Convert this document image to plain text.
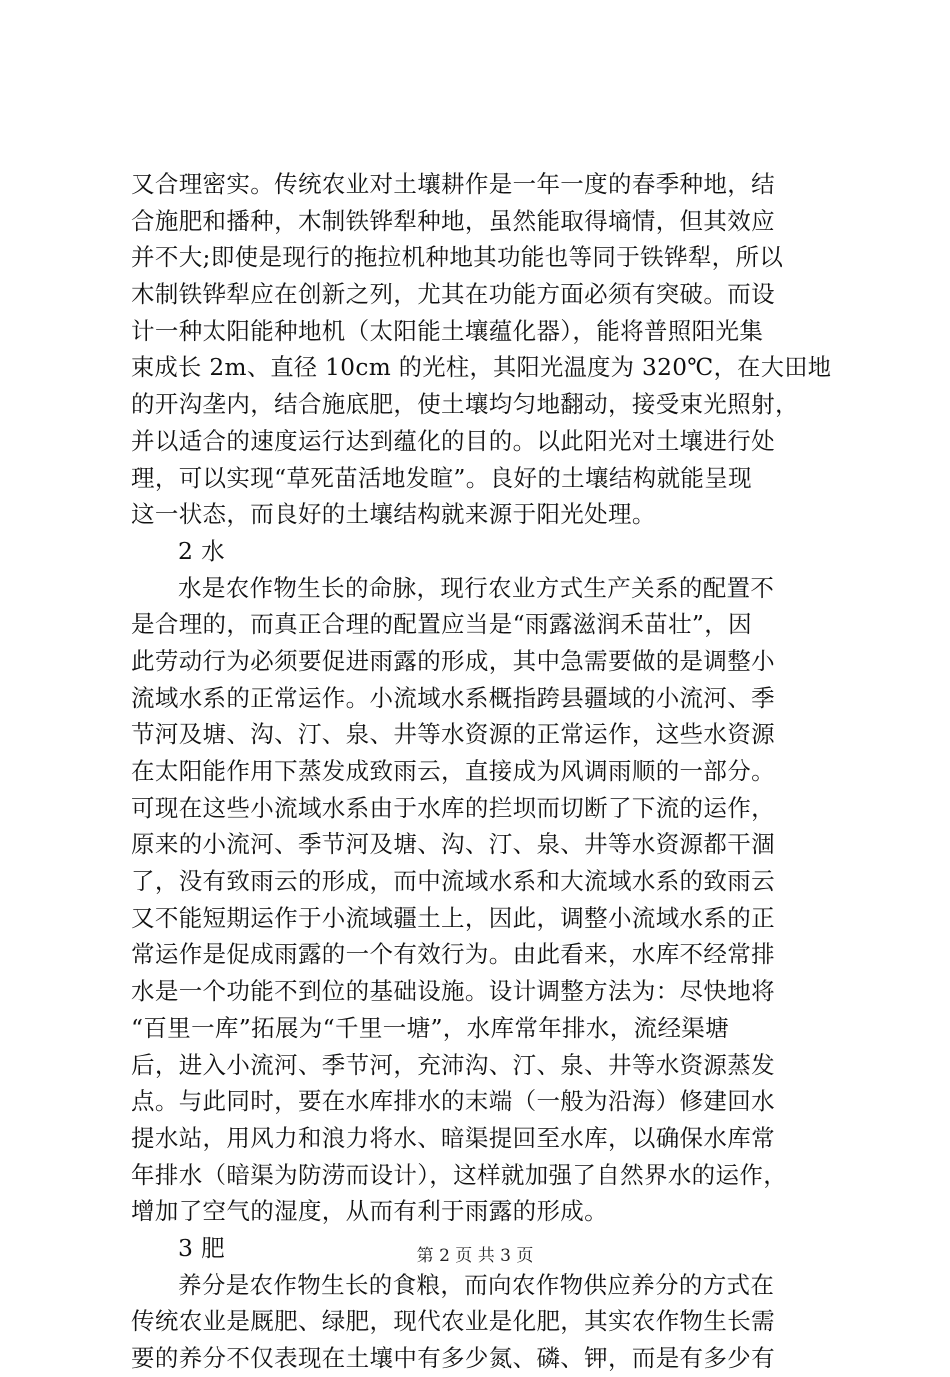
又合理密实。传统农业对土壤耕作是一年一度的春季种地，结
合施肥和播种，木制铁铧犁种地，虽然能取得墒情，但其效应
并不大;即使是现行的拖拉机种地其功能也等同于铁铧犁，所以
木制铁铧犁应在创新之列，尤其在功能方面必须有突破。而设
计一种太阳能种地机（太阳能土壤蕴化器），能将普照阳光集
束成长 2m、直径 10cm 的光柱，其阳光温度为 320℃，在大田地
的开沟垄内，结合施底肥，使土壤均匀地翻动，接受束光照射，
并以适合的速度运行达到蕴化的目的。以此阳光对土壤进行处
理，可以实现“草死苗活地发暄”。良好的土壤结构就能呈现
这一状态，而良好的土壤结构就来源于阳光处理。
2 水
水是农作物生长的命脉，现行农业方式生产关系的配置不
是合理的，而真正合理的配置应当是“雨露滋润禾苗壮”，因
此劳动行为必须要促进雨露的形成，其中急需要做的是调整小
流域水系的正常运作。小流域水系概指跨县疆域的小流河、季
节河及塘、沟、汀、泉、井等水资源的正常运作，这些水资源
在太阳能作用下蒸发成致雨云，直接成为风调雨顺的一部分。
可现在这些小流域水系由于水库的拦坝而切断了下流的运作，
原来的小流河、季节河及塘、沟、汀、泉、井等水资源都干涸
了，没有致雨云的形成，而中流域水系和大流域水系的致雨云
又不能短期运作于小流域疆土上，因此，调整小流域水系的正
常运作是促成雨露的一个有效行为。由此看来，水库不经常排
水是一个功能不到位的基础设施。设计调整方法为：尽快地将
“百里一库”拓展为“千里一塘”，水库常年排水，流经渠塘
后，进入小流河、季节河，充沛沟、汀、泉、井等水资源蒸发
点。与此同时，要在水库排水的末端（一般为沿海）修建回水
提水站，用风力和浪力将水、暗渠提回至水库，以确保水库常
年排水（暗渠为防涝而设计），这样就加强了自然界水的运作，
增加了空气的湿度，从而有利于雨露的形成。
3 肥
养分是农作物生长的食粮，而向农作物供应养分的方式在
传统农业是厩肥、绿肥，现代农业是化肥，其实农作物生长需
要的养分不仅表现在土壤中有多少氮、磷、钾，而是有多少有
第 2 页 共 3 页
